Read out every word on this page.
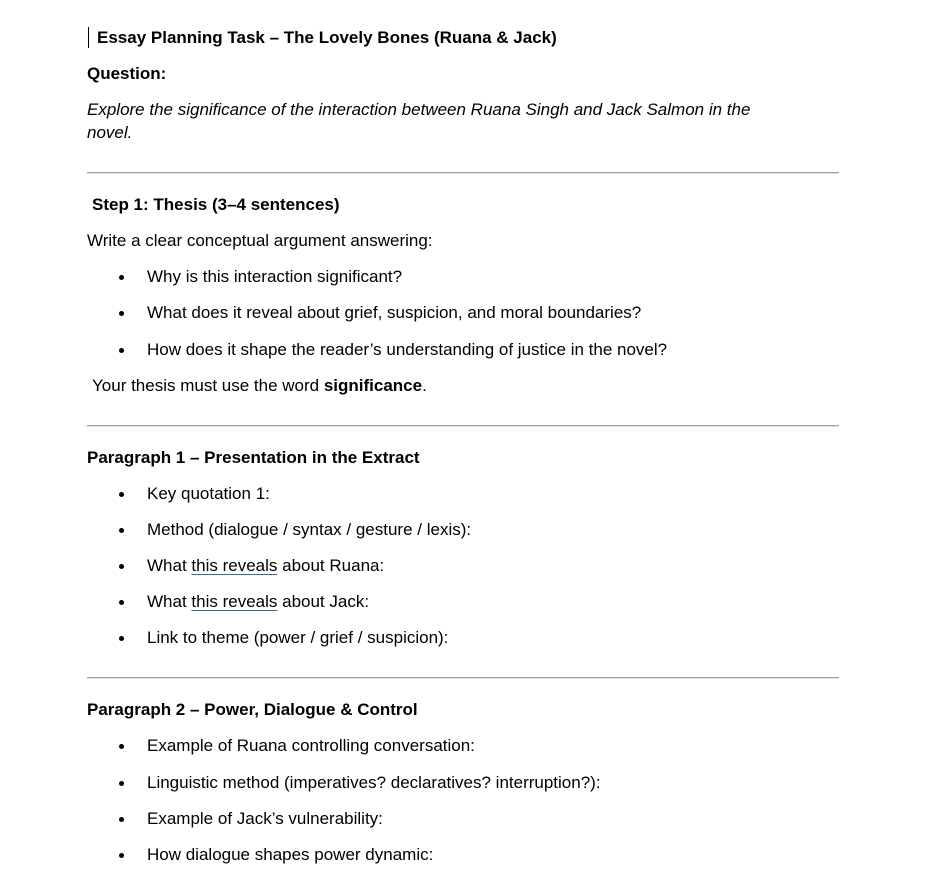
Essay Planning Task – The Lovely Bones (Ruana & Jack)
Question:
Explore the significance of the interaction between Ruana Singh and Jack Salmon in the
novel.
Step 1: Thesis (3–4 sentences)
Write a clear conceptual argument answering:
Why is this interaction significant?
What does it reveal about grief, suspicion, and moral boundaries?
How does it shape the reader’s understanding of justice in the novel?
Your thesis must use the word significance.
Paragraph 1 – Presentation in the Extract
Key quotation 1:
Method (dialogue / syntax / gesture / lexis):
What this reveals about Ruana:
What this reveals about Jack:
Link to theme (power / grief / suspicion):
Paragraph 2 – Power, Dialogue & Control
Example of Ruana controlling conversation:
Linguistic method (imperatives? declaratives? interruption?):
Example of Jack’s vulnerability:
How dialogue shapes power dynamic:
